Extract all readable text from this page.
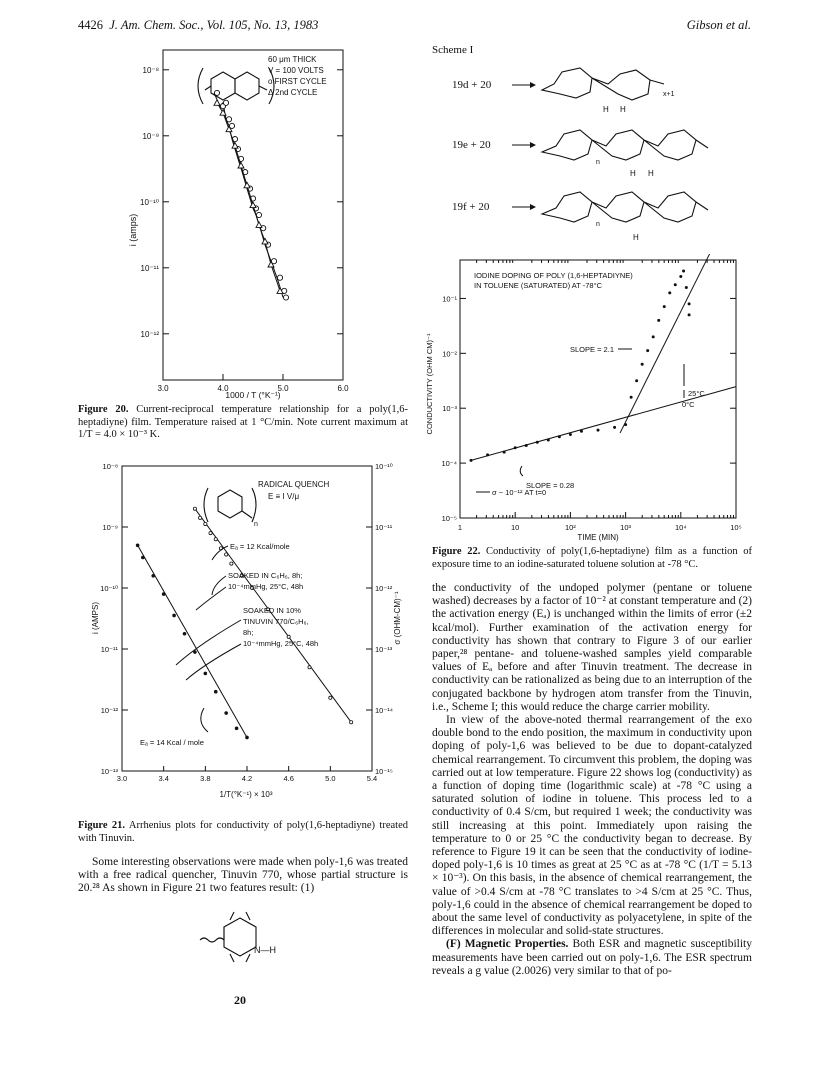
4426 J. Am. Chem. Soc., Vol. 105, No. 13, 1983	Gibson et al.
60 μm THICK
V = 100 VOLTS
o FIRST CYCLE
Δ 2nd CYCLE
10⁻⁸
10⁻⁹
10⁻¹⁰
10⁻¹¹
10⁻¹²
3.0	4.0	5.0	6.0
i (amps)
1000 / T (°K⁻¹)
Figure 20. Current-reciprocal temperature relationship for a poly(1,6-heptadiyne) film. Temperature raised at 1 °C/min. Note current maximum at 1/T = 4.0 × 10⁻³ K.
n
RADICAL QUENCH
E ≡ I V/μ
10⁻⁸	10⁻¹⁰
10⁻⁹	10⁻¹¹
10⁻¹⁰	10⁻¹²
10⁻¹¹	10⁻¹³
10⁻¹²	10⁻¹⁴
10⁻¹³	10⁻¹⁵
3.0	3.4	3.8	4.2	4.6	5.0	5.4
Eₐ = 12 Kcal/mole
SOAKED IN C₆H₆, 8h;
10⁻⁴mmHg, 25°C, 48h
SOAKED IN 10%
TINUVIN 770/C₆H₆,
8h;
10⁻⁴mmHg, 25°C, 48h
Eₐ = 14 Kcal / mole
i (AMPS)	σ (OHM-CM)⁻¹
1/T(°K⁻¹) × 10³
Figure 21. Arrhenius plots for conductivity of poly(1,6-heptadiyne) treated with Tinuvin.

Some interesting observations were made when poly-1,6 was treated with a free radical quencher, Tinuvin 770, whose partial structure is 20.²⁸ As shown in Figure 21 two features result: (1)

N—H
20
Scheme I
19d + 20
H H
x+1
19e + 20
H H
n
19f + 20
H
n
IODINE DOPING OF POLY (1,6-HEPTADIYNE)
IN TOLUENE (SATURATED) AT -78°C
10⁻¹
10⁻²
10⁻³
10⁻⁴
10⁻⁵
1	10	10²	10³	10⁴	10⁵
SLOPE = 2.1
SLOPE = 0.28
σ ~ 10⁻¹² AT t=0
25°C
0°C
CONDUCTIVITY (OHM CM)⁻¹
TIME (MIN)
Figure 22. Conductivity of poly(1,6-heptadiyne) film as a function of exposure time to an iodine-saturated toluene solution at -78 °C.

the conductivity of the undoped polymer (pentane or toluene washed) decreases by a factor of 10⁻² at constant temperature and (2) the activation energy (Eₐ) is unchanged within the limits of error (±2 kcal/mol). Further examination of the activation energy for conductivity has shown that contrary to Figure 3 of our earlier paper,²⁸ pentane- and toluene-washed samples yield comparable values of Eₐ before and after Tinuvin treatment. The decrease in conductivity can be rationalized as being due to an interruption of the conjugated backbone by hydrogen atom transfer from the Tinuvin, i.e., Scheme I; this would reduce the charge carrier mobility.

In view of the above-noted thermal rearrangement of the exo double bond to the endo position, the maximum in conductivity upon doping of poly-1,6 was believed to be due to dopant-catalyzed chemical rearrangement. To circumvent this problem, the doping was carried out at low temperature. Figure 22 shows log (conductivity) as a function of doping time (logarithmic scale) at -78 °C using a saturated solution of iodine in toluene. This process led to a conductivity of 0.4 S/cm, but required 1 week; the conductivity was still increasing at this point. Immediately upon raising the temperature to 0 or 25 °C the conductivity began to decrease. By reference to Figure 19 it can be seen that the conductivity of iodine-doped poly-1,6 is 10 times as great at 25 °C as at -78 °C (1/T = 5.13 × 10⁻³). On this basis, in the absence of chemical rearrangement, the value of >0.4 S/cm at -78 °C translates to >4 S/cm at 25 °C. Thus, poly-1,6 could in the absence of chemical rearrangement be doped to about the same level of conductivity as polyacetylene, in spite of the differences in molecular and solid-state structures.

(F) Magnetic Properties. Both ESR and magnetic susceptibility measurements have been carried out on poly-1,6. The ESR spectrum reveals a g value (2.0026) very similar to that of po-
